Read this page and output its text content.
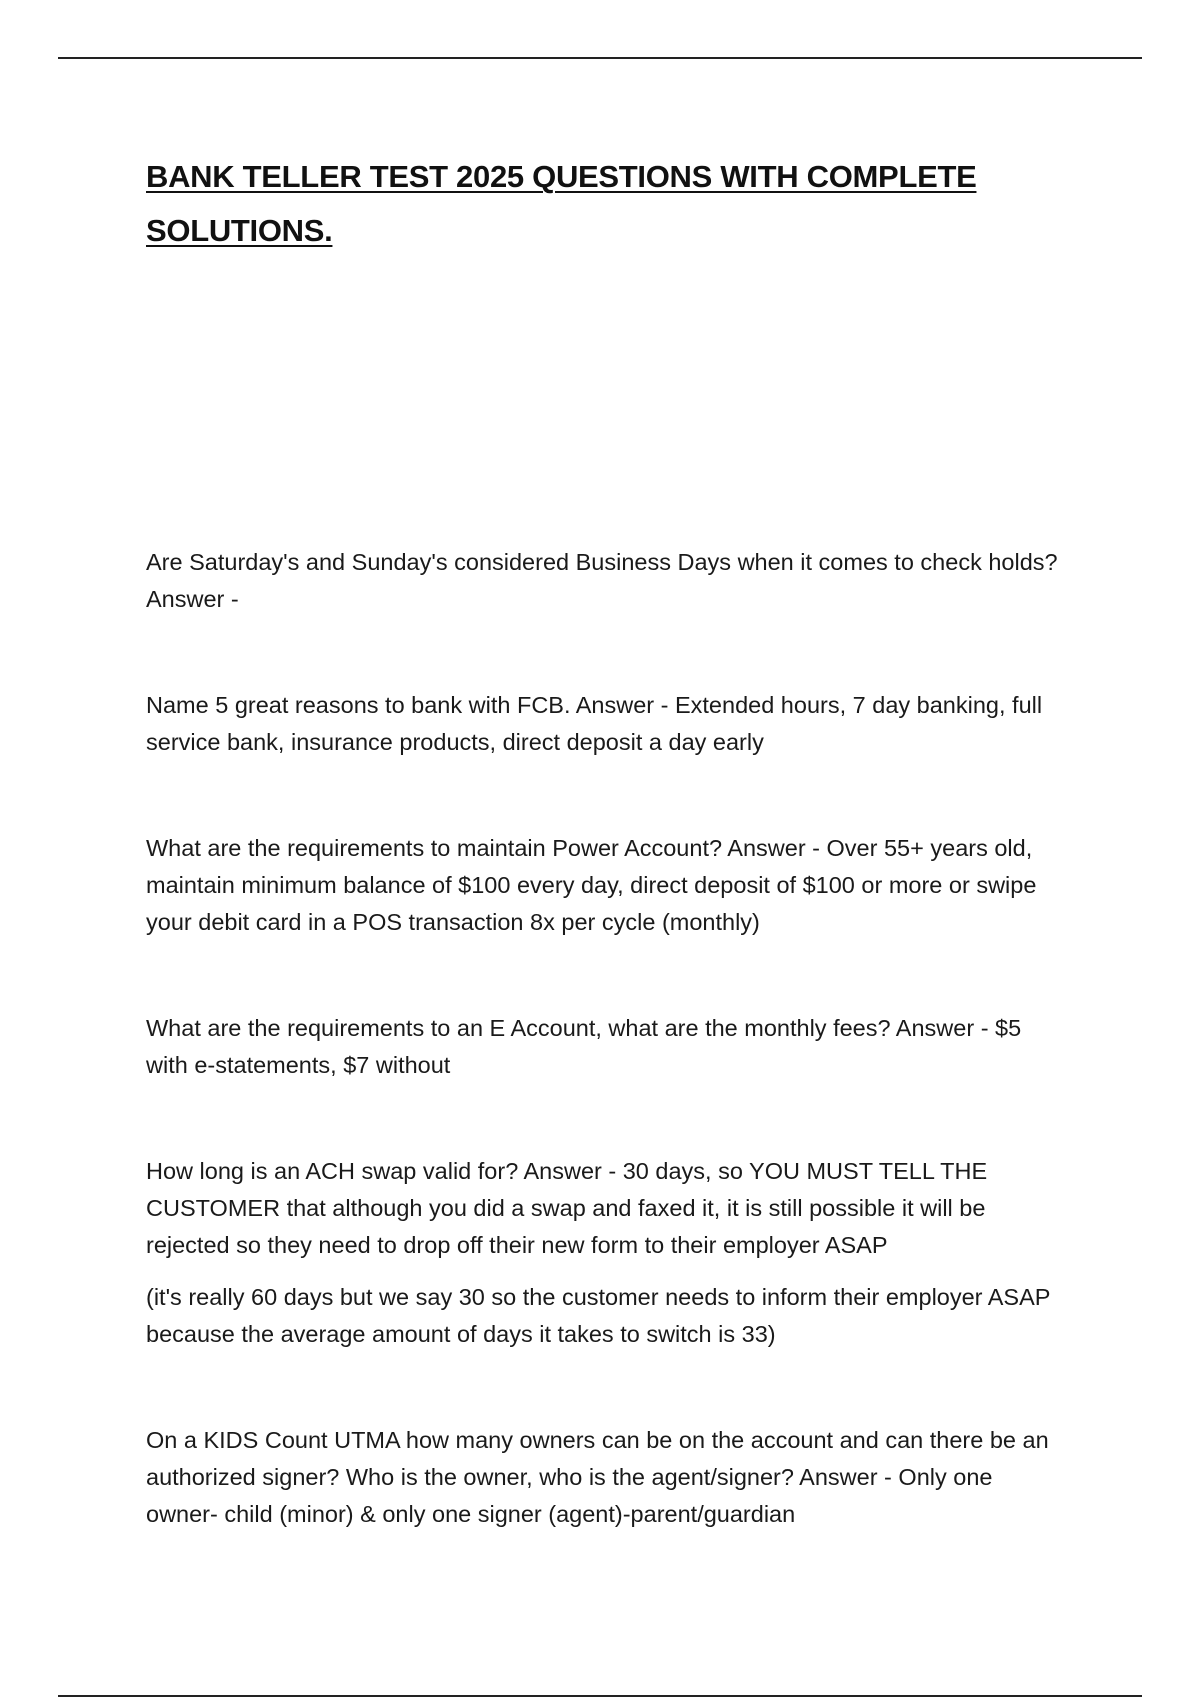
BANK TELLER TEST 2025 QUESTIONS WITH COMPLETE SOLUTIONS.

Are Saturday's and Sunday's considered Business Days when it comes to check holds? Answer -

Name 5 great reasons to bank with FCB. Answer - Extended hours, 7 day banking, full service bank, insurance products, direct deposit a day early

What are the requirements to maintain Power Account? Answer - Over 55+ years old, maintain minimum balance of $100 every day, direct deposit of $100 or more or swipe your debit card in a POS transaction 8x per cycle (monthly)

What are the requirements to an E Account, what are the monthly fees? Answer - $5 with e-statements, $7 without

How long is an ACH swap valid for? Answer - 30 days, so YOU MUST TELL THE CUSTOMER that although you did a swap and faxed it, it is still possible it will be rejected so they need to drop off their new form to their employer ASAP

(it's really 60 days but we say 30 so the customer needs to inform their employer ASAP because the average amount of days it takes to switch is 33)

On a KIDS Count UTMA how many owners can be on the account and can there be an authorized signer? Who is the owner, who is the agent/signer? Answer - Only one owner- child (minor) & only one signer (agent)-parent/guardian
